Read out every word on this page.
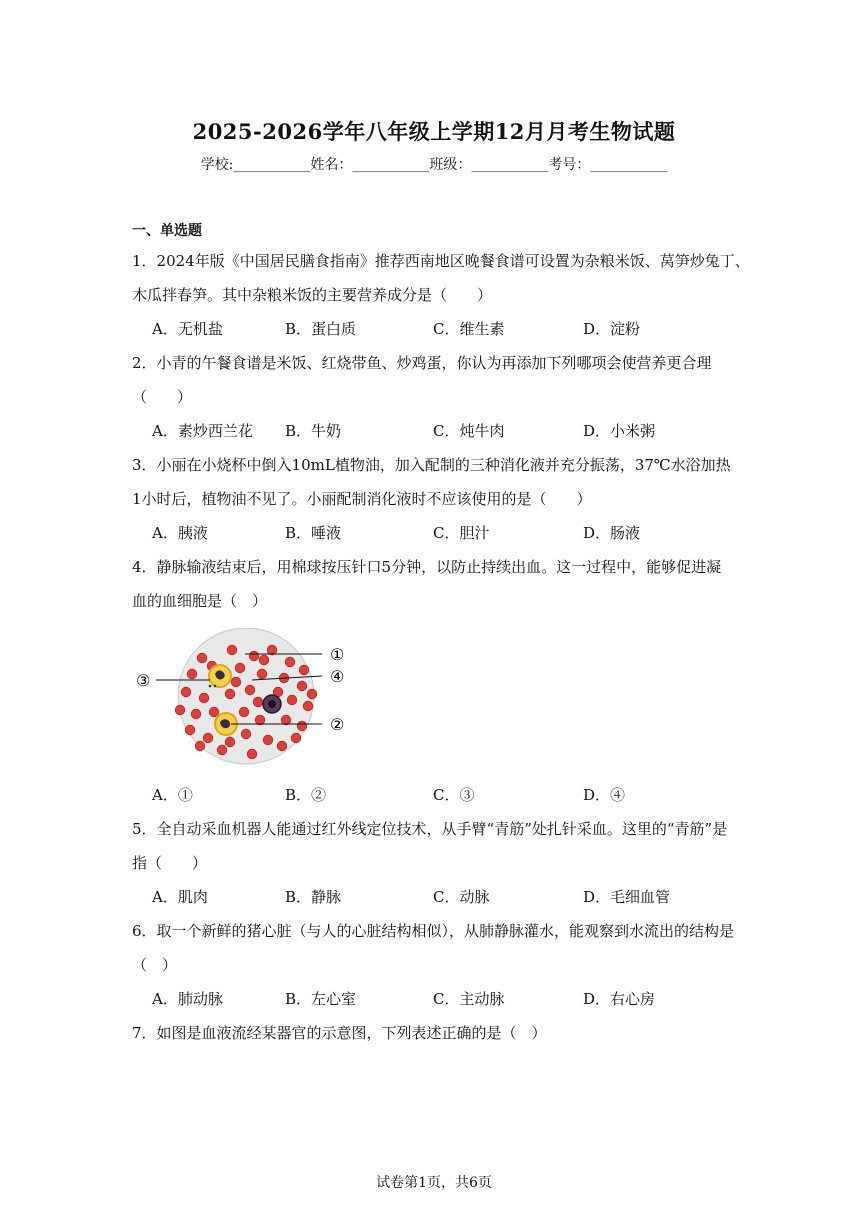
2025-2026学年八年级上学期12月月考生物试题
学校:___________姓名：___________班级：___________考号：___________
一、单选题
1．2024年版《中国居民膳食指南》推荐西南地区晚餐食谱可设置为杂粮米饭、莴笋炒兔丁、
木瓜拌春笋。其中杂粮米饭的主要营养成分是（　　）
A．无机盐	B．蛋白质	C．维生素	D．淀粉
2．小青的午餐食谱是米饭、红烧带鱼、炒鸡蛋，你认为再添加下列哪项会使营养更合理
（　　）
A．素炒西兰花 B．牛奶	C．炖牛肉	D．小米粥
3．小丽在小烧杯中倒入10mL植物油，加入配制的三种消化液并充分振荡，37℃水浴加热
1小时后，植物油不见了。小丽配制消化液时不应该使用的是（　　）
A．胰液	B．唾液	C．胆汁	D．肠液
4．静脉输液结束后，用棉球按压针口5分钟，以防止持续出血。这一过程中，能够促进凝
血的血细胞是（　）
①
②
③	④
A．①	B．②	C．③	D．④
5．全自动采血机器人能通过红外线定位技术，从手臂“青筋”处扎针采血。这里的“青筋”是
指（　　）
A．肌肉	B．静脉	C．动脉	D．毛细血管
6．取一个新鲜的猪心脏（与人的心脏结构相似），从肺静脉灌水，能观察到水流出的结构是
（　）
A．肺动脉	B．左心室	C．主动脉	D．右心房
7．如图是血液流经某器官的示意图，下列表述正确的是（　）
试卷第1页，共6页
